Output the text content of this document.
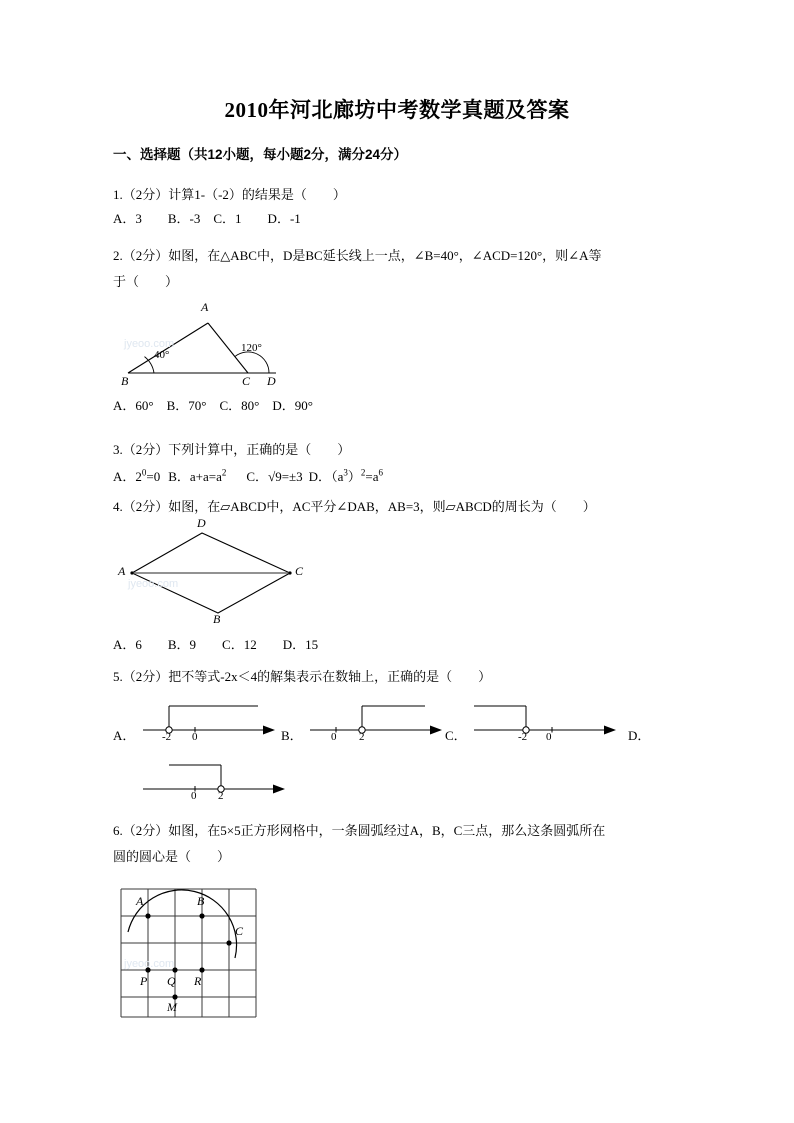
2010年河北廊坊中考数学真题及答案
一、选择题（共12小题，每小题2分，满分24分）
1.（2分）计算1-（-2）的结果是（　　）
A．3　　B．-3　C．1　　D．-1
2.（2分）如图，在△ABC中，D是BC延长线上一点，∠B=40°，∠ACD=120°，则∠A等
于（　　）
A
B	C D
40°
120°
jyeoo.com
A．60°　B．70°　C．80°　D．90°
3.（2分）下列计算中，正确的是（　　）
A．$2^0=0$ B．$a+a=a^2$ C．√9=±3 D．$(a^3)^2=a^6$
4.（2分）如图，在▱ABCD中，AC平分∠DAB，AB=3，则▱ABCD的周长为（　　）
A
D
C
B
jyeoo.com
A．6　　B．9　　C．12　　D．15
5.（2分）把不等式-2x＜4的解集表示在数轴上，正确的是（　　）
A． -2 0	B．	0 2	C．	-2 0	D．
0 2
6.（2分）如图，在5×5正方形网格中，一条圆弧经过A，B，C三点，那么这条圆弧所在
圆的圆心是（　　）
A	B
C
P Q R
M
jyeoo.com
